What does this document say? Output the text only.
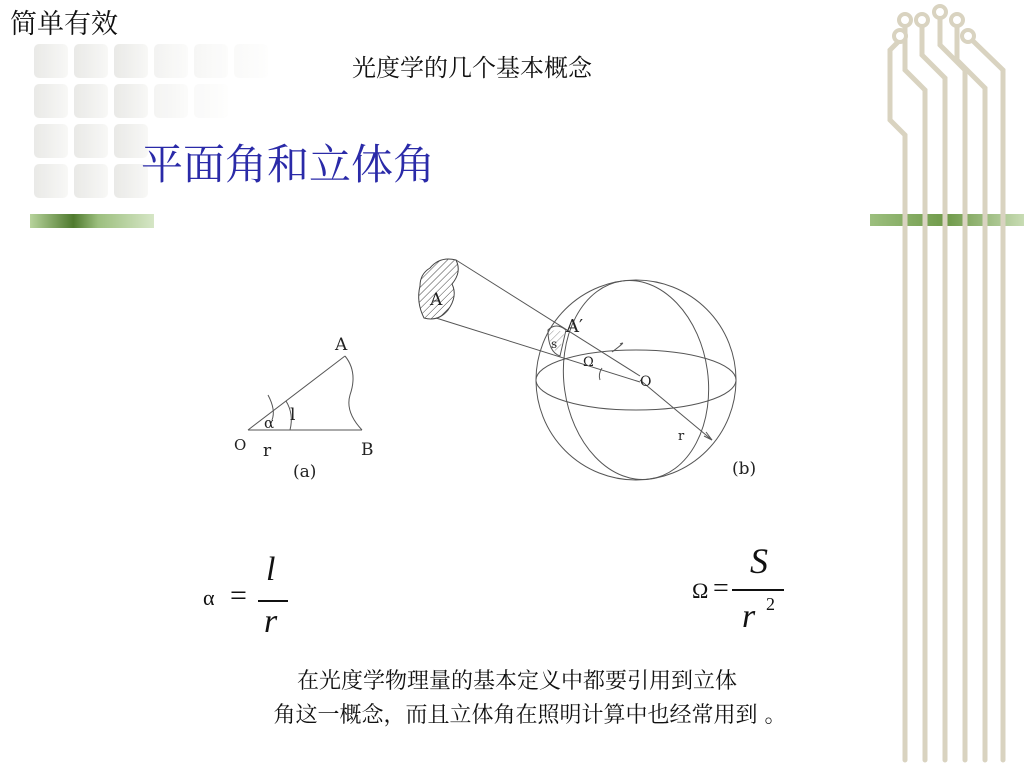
简单有效
光度学的几个基本概念
平面角和立体角
A
O	B
α l
r
(a)
A
A′
s
Ω
O
r
(b)
α =
l
r
Ω =
S
r 2
在光度学物理量的基本定义中都要引用到立体
角这一概念，而且立体角在照明计算中也经常用到 。
